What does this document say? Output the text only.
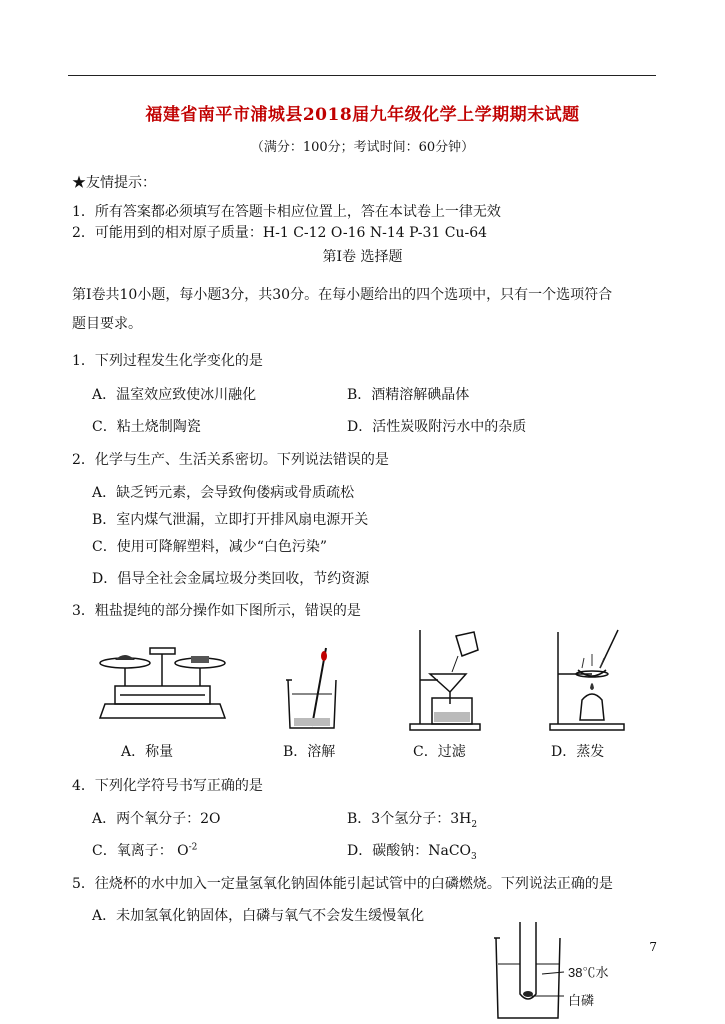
福建省南平市浦城县2018届九年级化学上学期期末试题
（满分：100分；考试时间：60分钟）
★友情提示：
1．所有答案都必须填写在答题卡相应位置上，答在本试卷上一律无效
2．可能用到的相对原子质量：H-1 C-12 O-16 N-14 P-31 Cu-64
第Ⅰ卷 选择题
第Ⅰ卷共10小题，每小题3分，共30分。在每小题给出的四个选项中，只有一个选项符合
题目要求。
1．下列过程发生化学变化的是
A．温室效应致使冰川融化	B．酒精溶解碘晶体
C．粘土烧制陶瓷	D．活性炭吸附污水中的杂质
2．化学与生产、生活关系密切。下列说法错误的是
A．缺乏钙元素，会导致佝偻病或骨质疏松
B．室内煤气泄漏，立即打开排风扇电源开关
C．使用可降解塑料，减少“白色污染”
D．倡导全社会金属垃圾分类回收，节约资源
3．粗盐提纯的部分操作如下图所示，错误的是
A．称量	B．溶解	C．过滤	D．蒸发
4．下列化学符号书写正确的是
A．两个氧分子：2O	B．3个氢分子：$3H_2$
C．氧离子： $O^{-2}$	D．碳酸钠：NaCO$_3$
5．往烧杯的水中加入一定量氢氧化钠固体能引起试管中的白磷燃烧。下列说法正确的是
A．未加氢氧化钠固体，白磷与氧气不会发生缓慢氧化
38℃水
白磷
7
